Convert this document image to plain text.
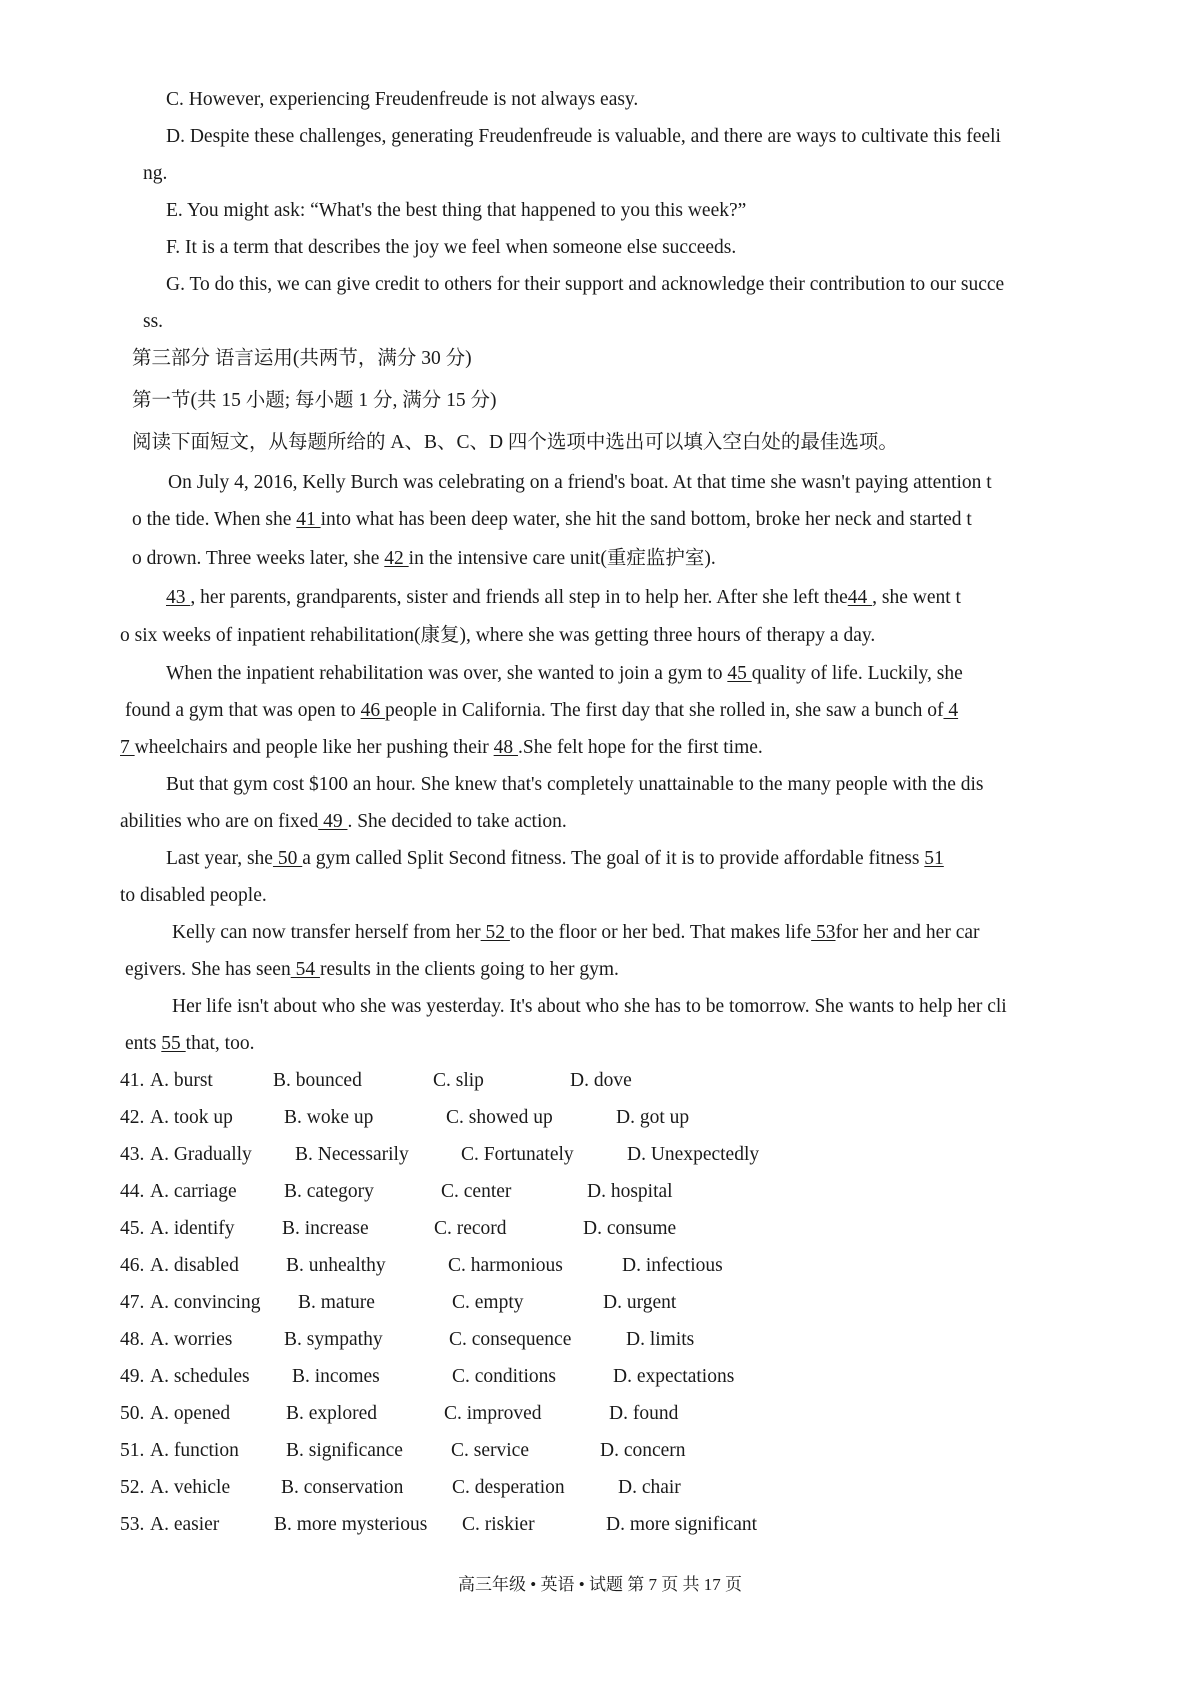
C. However, experiencing Freudenfreude is not always easy.
D. Despite these challenges, generating Freudenfreude is valuable, and there are ways to cultivate this feeli
ng.
E. You might ask: “What's the best thing that happened to you this week?”
F. It is a term that describes the joy we feel when someone else succeeds.
G. To do this, we can give credit to others for their support and acknowledge their contribution to our succe
ss.
第三部分 语言运用(共两节，满分 30 分)
第一节(共 15 小题; 每小题 1 分, 满分 15 分)
阅读下面短文，从每题所给的 A、B、C、D 四个选项中选出可以填入空白处的最佳选项。
On July 4, 2016, Kelly Burch was celebrating on a friend's boat. At that time she wasn't paying attention t
o the tide. When she 41 into what has been deep water, she hit the sand bottom, broke her neck and started t
o drown. Three weeks later, she 42 in the intensive care unit(重症监护室).
43 , her parents, grandparents, sister and friends all step in to help her. After she left the44 , she went t
o six weeks of inpatient rehabilitation(康复), where she was getting three hours of therapy a day.
When the inpatient rehabilitation was over, she wanted to join a gym to 45 quality of life. Luckily, she
found a gym that was open to 46 people in California. The first day that she rolled in, she saw a bunch of 4
7 wheelchairs and people like her pushing their 48 .She felt hope for the first time.
But that gym cost $100 an hour. She knew that's completely unattainable to the many people with the dis
abilities who are on fixed 49 . She decided to take action.
Last year, she 50 a gym called Split Second fitness. The goal of it is to provide affordable fitness 51
to disabled people.
Kelly can now transfer herself from her 52 to the floor or her bed. That makes life 53for her and her car
egivers. She has seen 54 results in the clients going to her gym.
Her life isn't about who she was yesterday. It's about who she has to be tomorrow. She wants to help her cli
ents 55 that, too.
41. A. burst	B. bounced	C. slip	D. dove
42. A. took up	B. woke up	C. showed up	D. got up
43. A. Gradually B. Necessarily	C. Fortunately	D. Unexpectedly
44. A. carriage B. category	C. center	D. hospital
45. A. identify B. increase	C. record	D. consume
46. A. disabled B. unhealthy	C. harmonious	D. infectious
47. A. convincing B. mature	C. empty	D. urgent
48. A. worries	B. sympathy	C. consequence	D. limits
49. A. schedules B. incomes	C. conditions	D. expectations
50. A. opened	B. explored	C. improved	D. found
51. A. function B. significance C. service	D. concern
52. A. vehicle	B. conservation C. desperation	D. chair
53. A. easier	B. more mysterious C. riskier	D. more significant
高三年级 • 英语 • 试题 第 7 页 共 17 页
